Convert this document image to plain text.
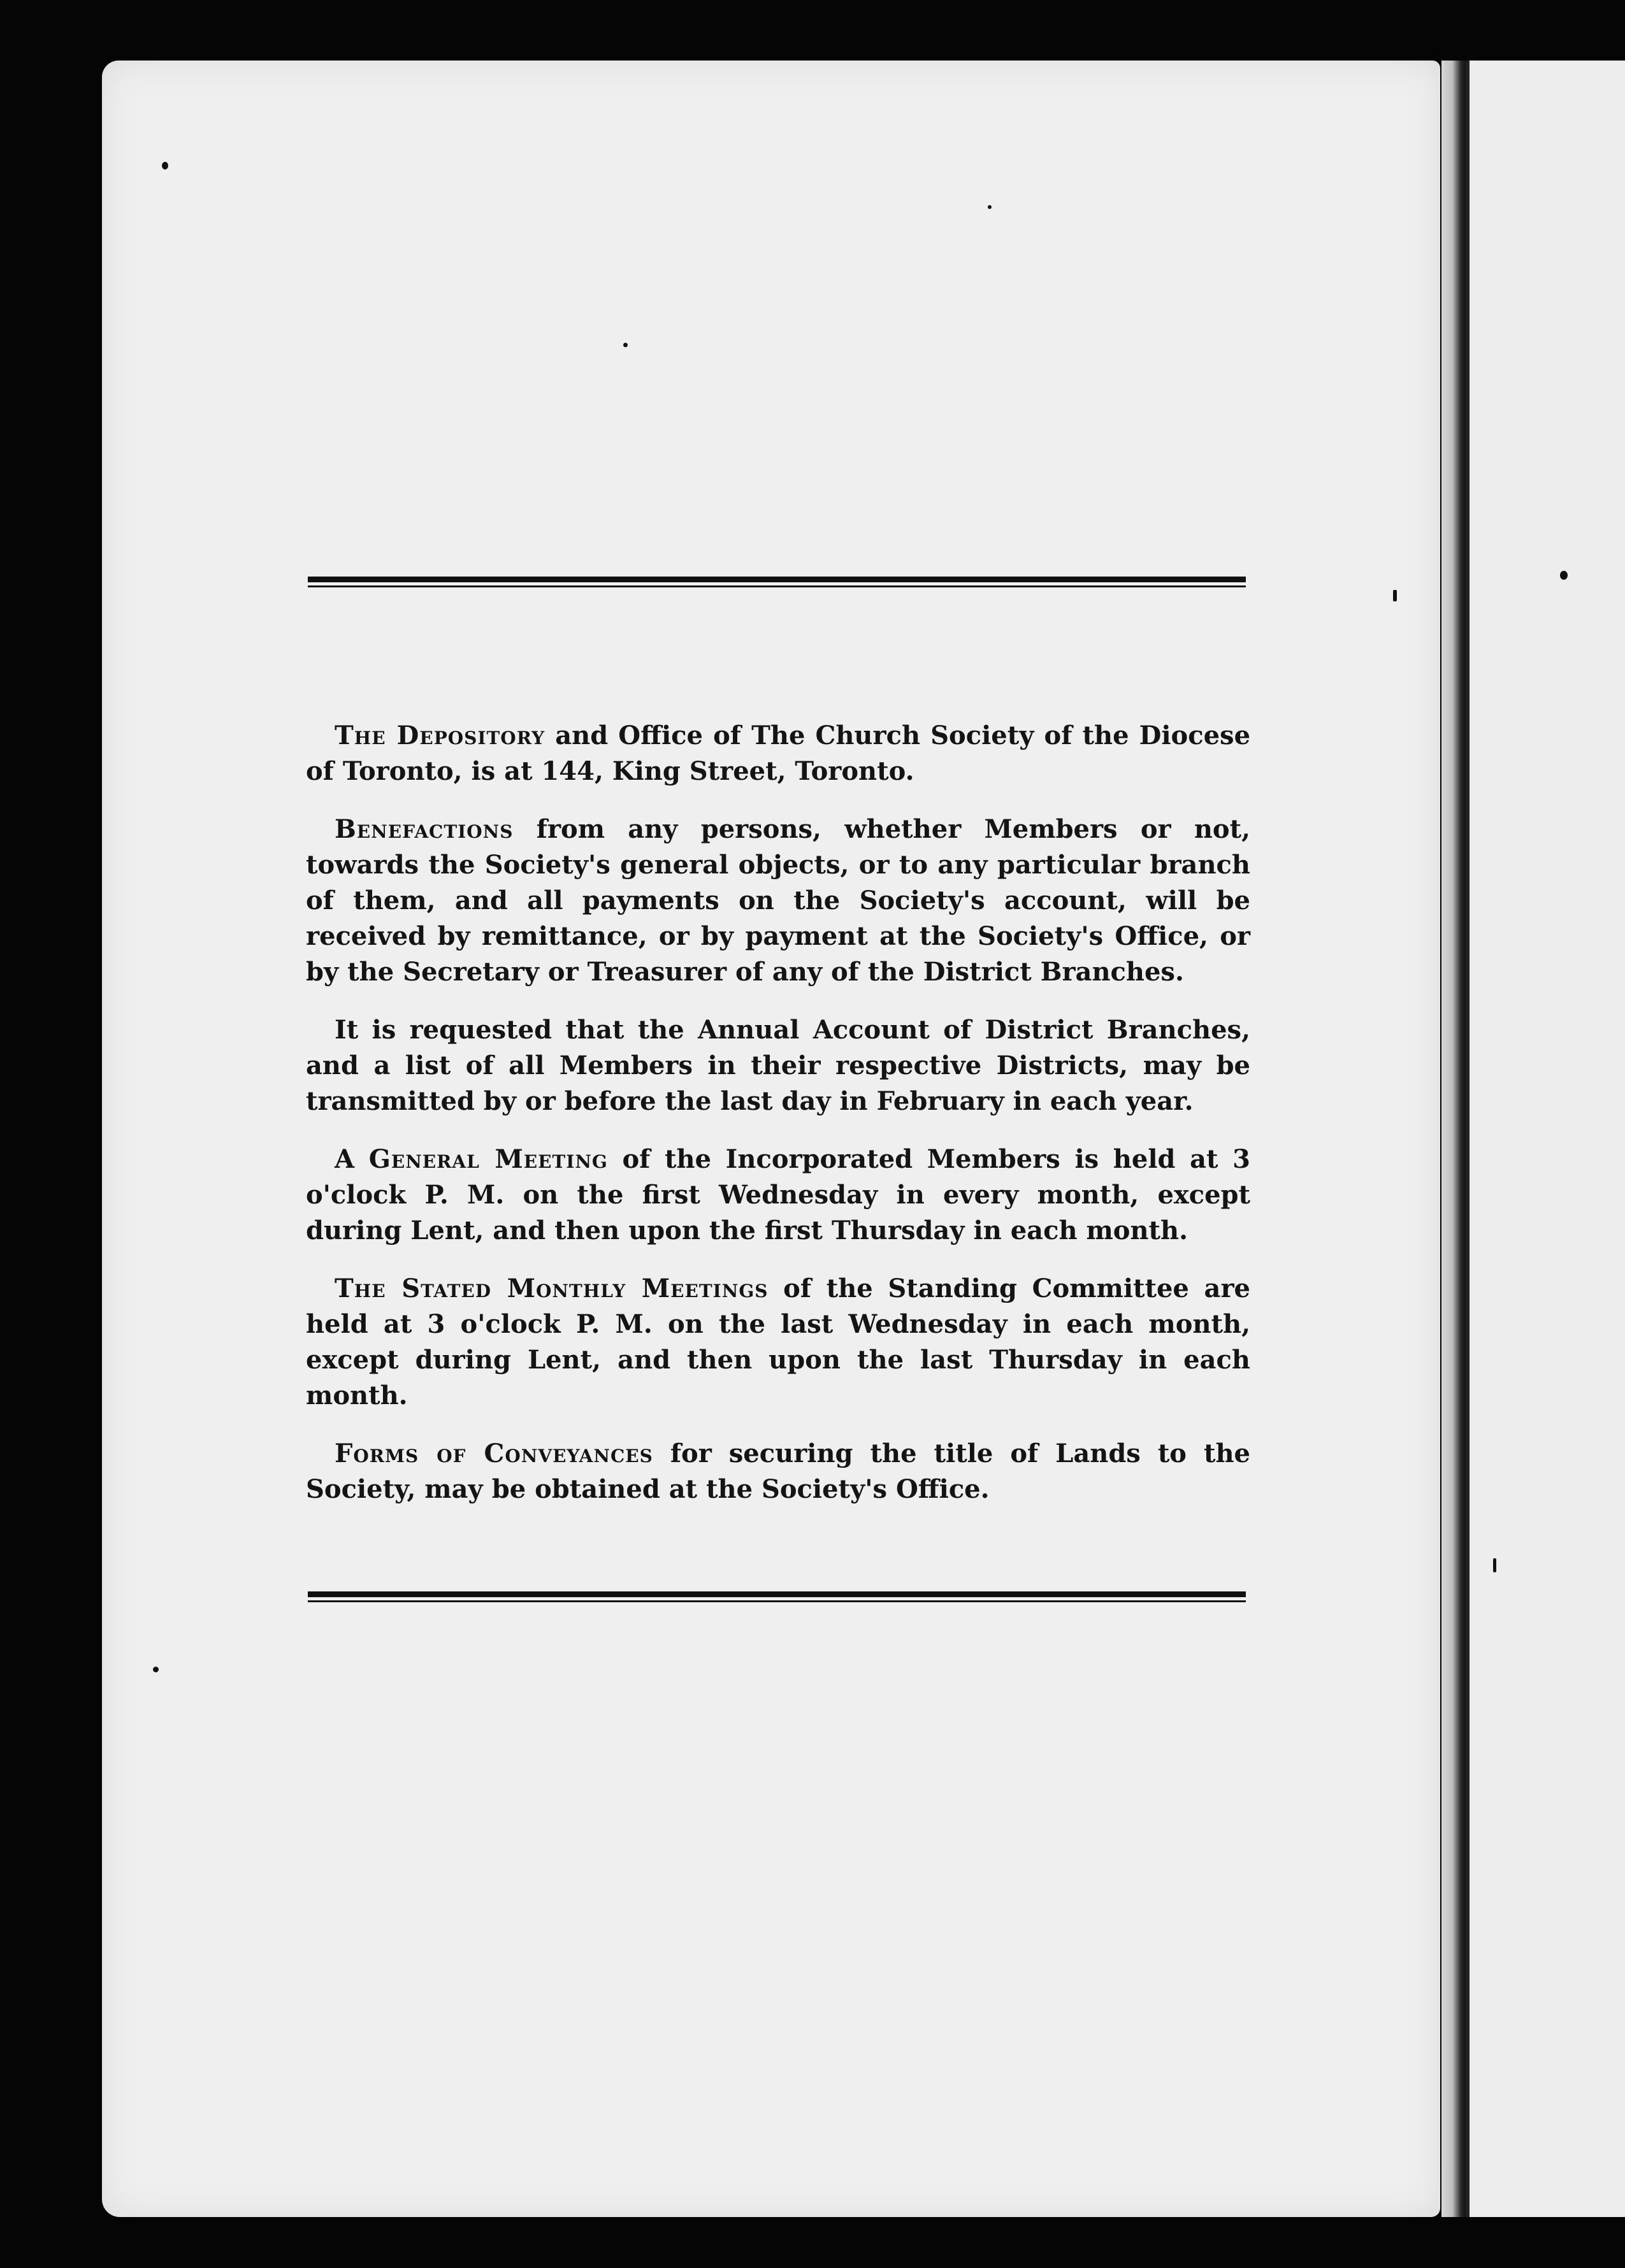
The Depository and Office of The Church Society of the Diocese of Toronto, is at 144, King Street, Toronto.

Benefactions from any persons, whether Members or not, towards the Society's general objects, or to any particular branch of them, and all payments on the Society's account, will be received by remittance, or by payment at the Society's Office, or by the Secretary or Treasurer of any of the District Branches.

It is requested that the Annual Account of District Branches, and a list of all Members in their respective Districts, may be transmitted by or before the last day in February in each year.

A General Meeting of the Incorporated Members is held at 3 o'clock P. M. on the first Wednesday in every month, except during Lent, and then upon the first Thursday in each month.

The Stated Monthly Meetings of the Standing Committee are held at 3 o'clock P. M. on the last Wednesday in each month, except during Lent, and then upon the last Thursday in each month.

Forms of Conveyances for securing the title of Lands to the Society, may be obtained at the Society's Office.
